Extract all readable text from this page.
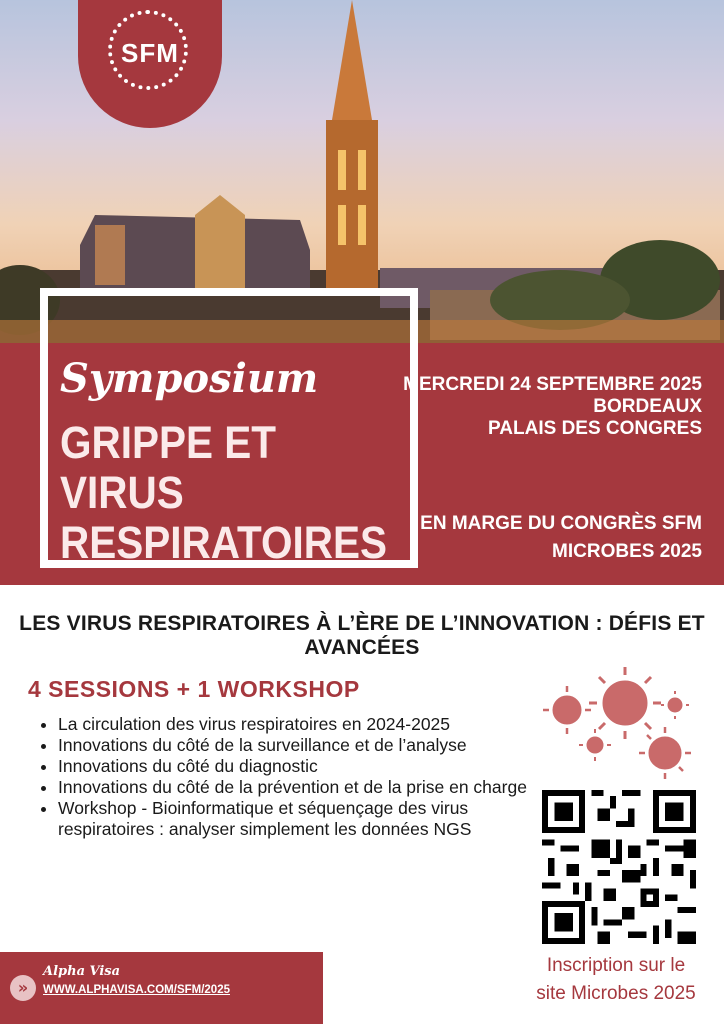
SFM
Symposium
GRIPPE ET VIRUS
RESPIRATOIRES
MERCREDI 24 SEPTEMBRE 2025
BORDEAUX
PALAIS DES CONGRES
EN MARGE DU CONGRÈS SFM
MICROBES 2025
LES VIRUS RESPIRATOIRES À L’ÈRE DE L’INNOVATION : DÉFIS ET AVANCÉES
4 SESSIONS + 1 WORKSHOP
• La circulation des virus respiratoires en 2024-2025
• Innovations du côté de la surveillance et de l’analyse
• Innovations du côté du diagnostic
• Innovations du côté de la prévention et de la prise en charge
• Workshop - Bioinformatique et séquençage des virus respiratoires : analyser simplement les données NGS
Inscription sur le
site Microbes 2025
»
Alpha Visa
WWW.ALPHAVISA.COM/SFM/2025
